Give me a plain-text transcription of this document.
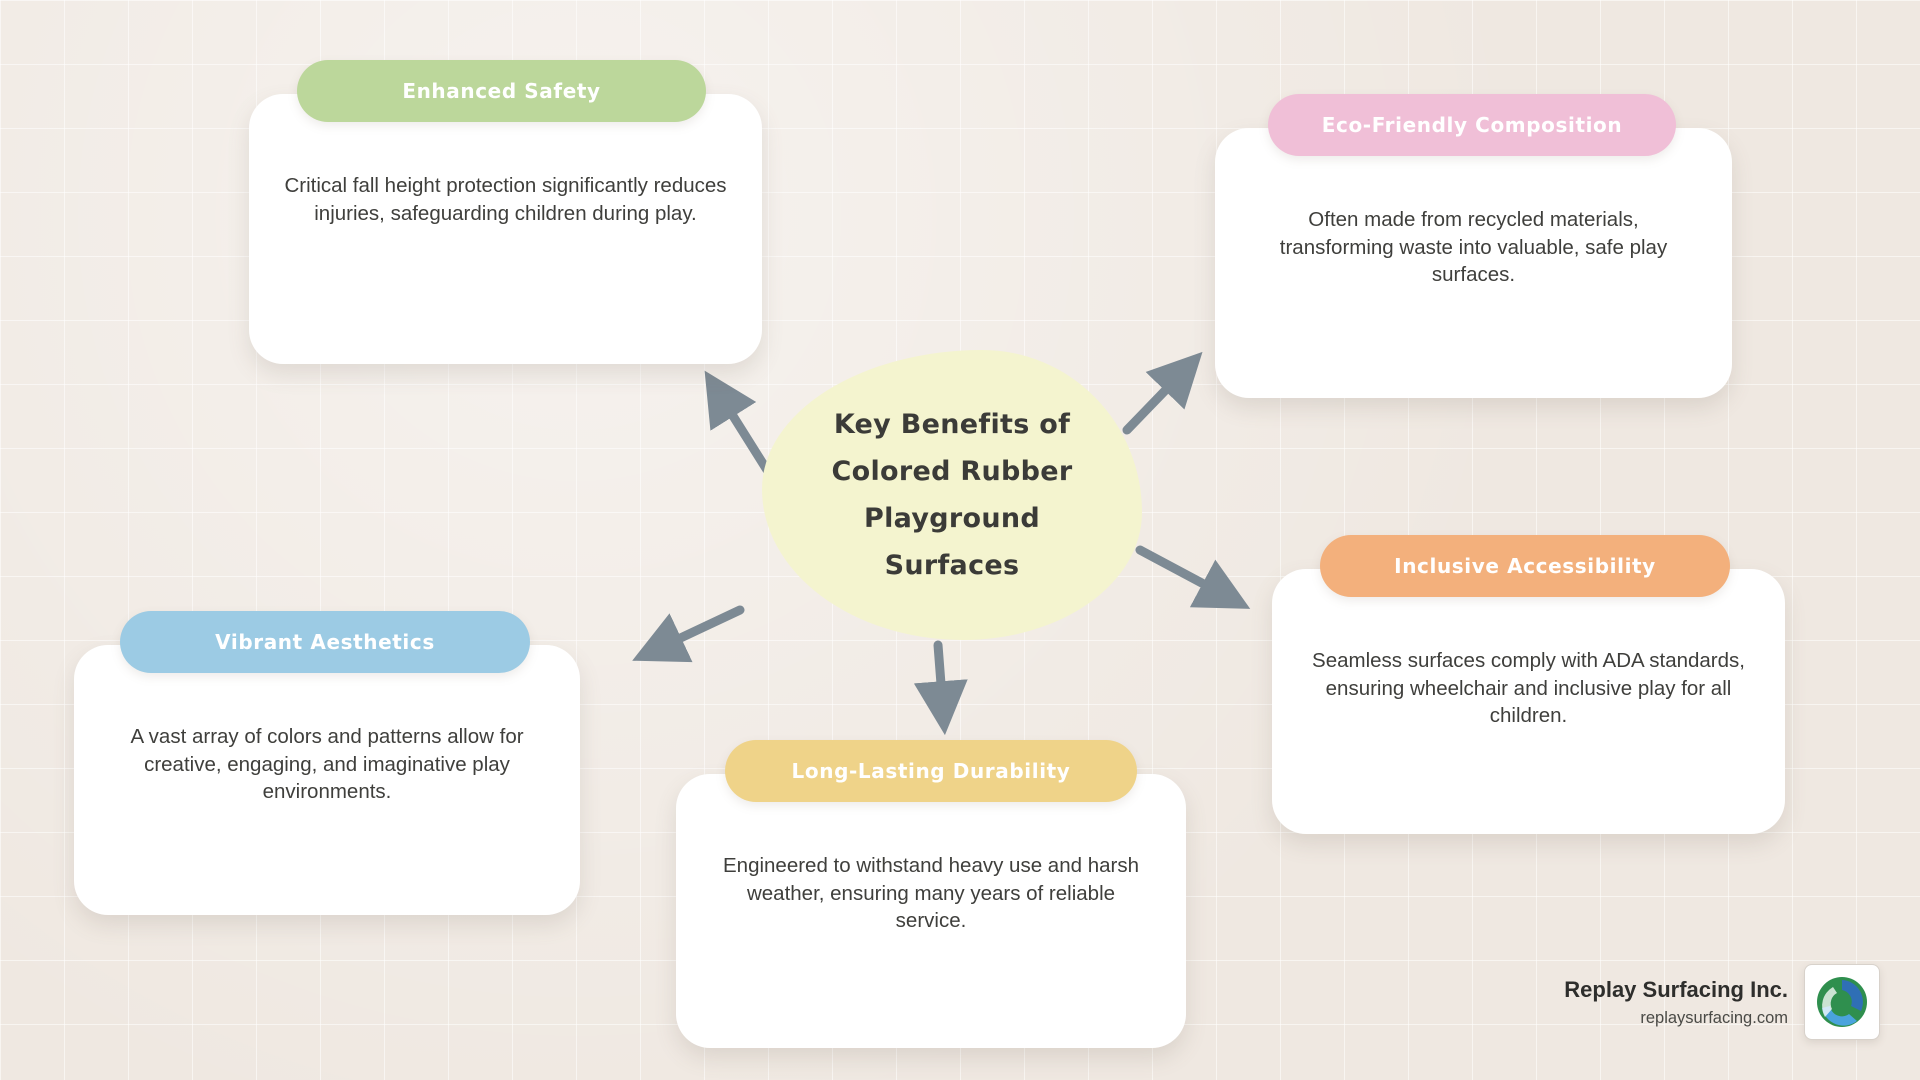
Key Benefits of
Colored Rubber
Playground Surfaces
Critical fall height protection significantly reduces injuries, safeguarding children during play.
Enhanced Safety
Often made from recycled materials, transforming waste into valuable, safe play surfaces.
Eco-Friendly Composition
Seamless surfaces comply with ADA standards, ensuring wheelchair and inclusive play for all children.
Inclusive Accessibility
Engineered to withstand heavy use and harsh weather, ensuring many years of reliable service.
Long-Lasting Durability
A vast array of colors and patterns allow for creative, engaging, and imaginative play environments.
Vibrant Aesthetics
Replay Surfacing Inc.
replaysurfacing.com
